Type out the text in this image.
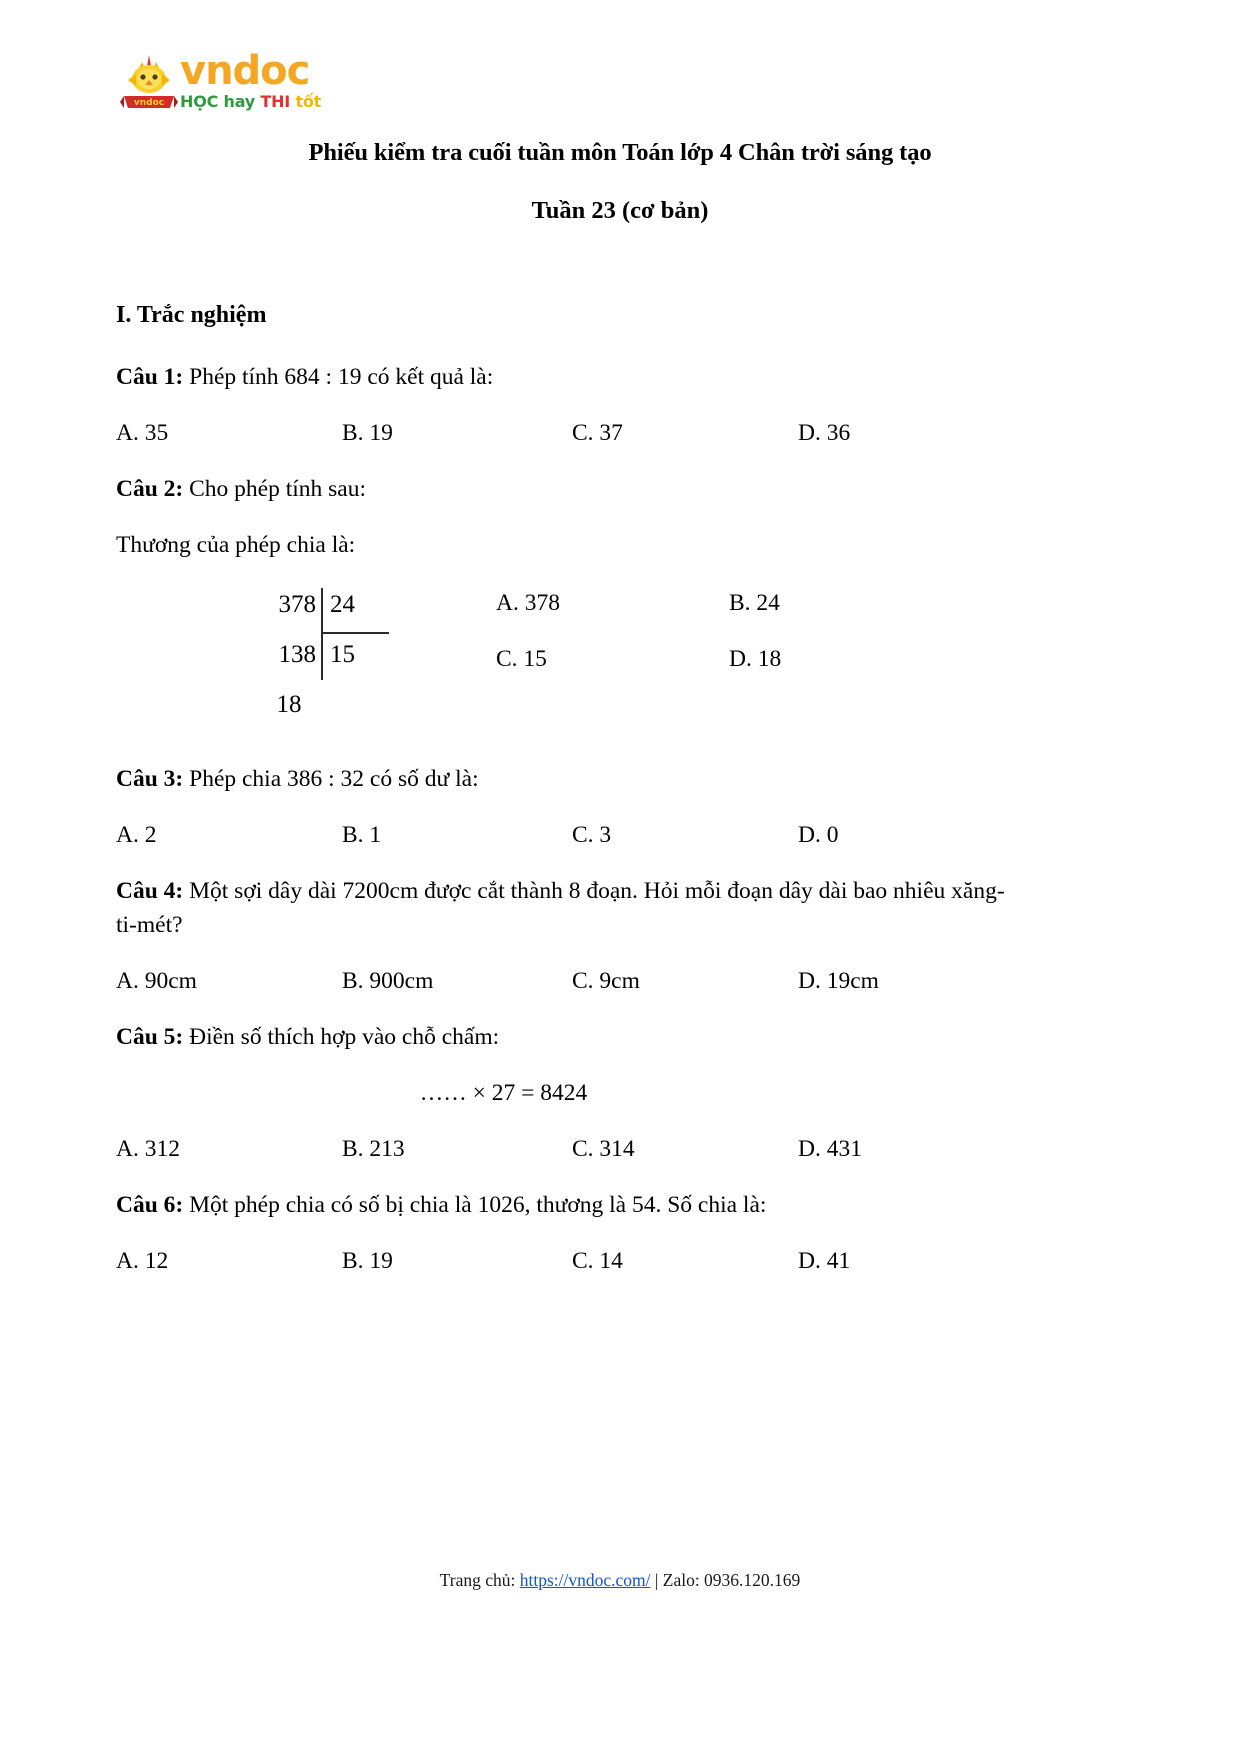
vndoc
vndoc
HỌC hay THI tốt
Phiếu kiểm tra cuối tuần môn Toán lớp 4 Chân trời sáng tạo
Tuần 23 (cơ bản)
I. Trắc nghiệm

Câu 1: Phép tính 684 : 19 có kết quả là:

A. 35	B. 19	C. 37	D. 36

Câu 2: Cho phép tính sau:

Thương của phép chia là:

378 24
138 15
18
A. 378	B. 24
C. 15	D. 18

Câu 3: Phép chia 386 : 32 có số dư là:

A. 2	B. 1	C. 3	D. 0

Câu 4: Một sợi dây dài 7200cm được cắt thành 8 đoạn. Hỏi mỗi đoạn dây dài bao nhiêu xăng-ti-mét?

A. 90cm	B. 900cm	C. 9cm	D. 19cm

Câu 5: Điền số thích hợp vào chỗ chấm:

…… × 27 = 8424

A. 312	B. 213	C. 314	D. 431

Câu 6: Một phép chia có số bị chia là 1026, thương là 54. Số chia là:

A. 12	B. 19	C. 14	D. 41
Trang chủ: https://vndoc.com/ | Zalo: 0936.120.169
